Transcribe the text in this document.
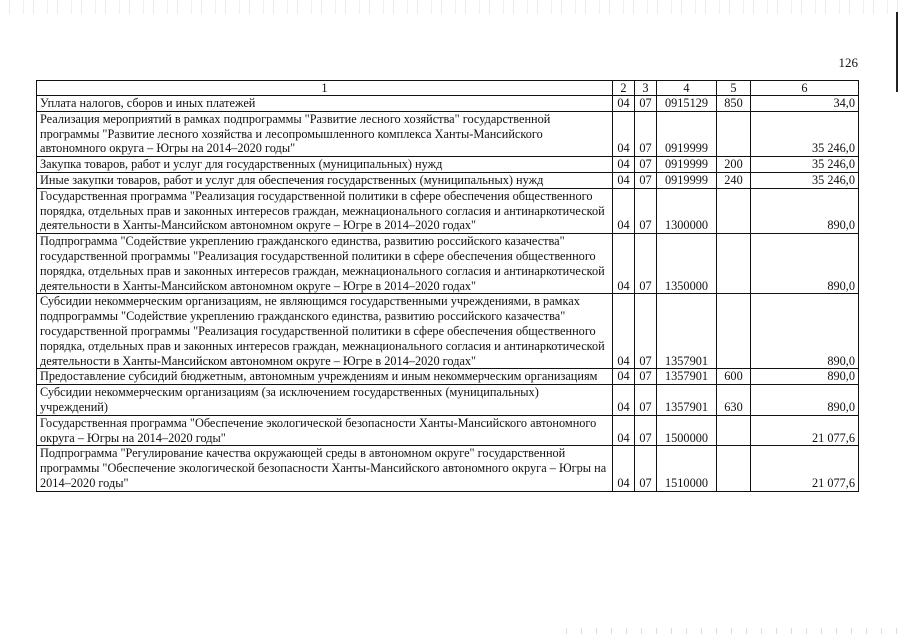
126
1	2	3	4	5	6
Уплата налогов, сборов и иных платежей	04	07	0915129	850	34,0
Реализация мероприятий в рамках подпрограммы "Развитие лесного хозяйства" государственной программы "Развитие лесного хозяйства и лесопромышленного комплекса Ханты-Мансийского автономного округа – Югры на 2014–2020 годы"	04	07	0919999		35 246,0
Закупка товаров, работ и услуг для государственных (муниципальных) нужд	04	07	0919999	200	35 246,0
Иные закупки товаров, работ и услуг для обеспечения государственных (муниципальных) нужд	04	07	0919999	240	35 246,0
Государственная программа "Реализация государственной политики в сфере обеспечения общественного порядка, отдельных прав и законных интересов граждан, межнационального согласия и антинаркотической деятельности в Ханты-Мансийском автономном округе – Югре в 2014–2020 годах"	04	07	1300000		890,0
Подпрограмма "Содействие укреплению гражданского единства, развитию российского казачества" государственной программы "Реализация государственной политики в сфере обеспечения общественного порядка, отдельных прав и законных интересов граждан, межнационального согласия и антинаркотической деятельности в Ханты-Мансийском автономном округе – Югре в 2014–2020 годах"	04	07	1350000		890,0
Субсидии некоммерческим организациям, не являющимся государственными учреждениями, в рамках подпрограммы "Содействие укреплению гражданского единства, развитию российского казачества" государственной программы "Реализация государственной политики в сфере обеспечения общественного порядка, отдельных прав и законных интересов граждан, межнационального согласия и антинаркотической деятельности в Ханты-Мансийском автономном округе – Югре в 2014–2020 годах"	04	07	1357901		890,0
Предоставление субсидий бюджетным, автономным учреждениям и иным некоммерческим организациям	04	07	1357901	600	890,0
Субсидии некоммерческим организациям (за исключением государственных (муниципальных) учреждений)	04	07	1357901	630	890,0
Государственная программа "Обеспечение экологической безопасности Ханты-Мансийского автономного округа – Югры на 2014–2020 годы"	04	07	1500000		21 077,6
Подпрограмма "Регулирование качества окружающей среды в автономном округе" государственной программы "Обеспечение экологической безопасности Ханты-Мансийского автономного округа – Югры на 2014–2020 годы"	04	07	1510000		21 077,6
